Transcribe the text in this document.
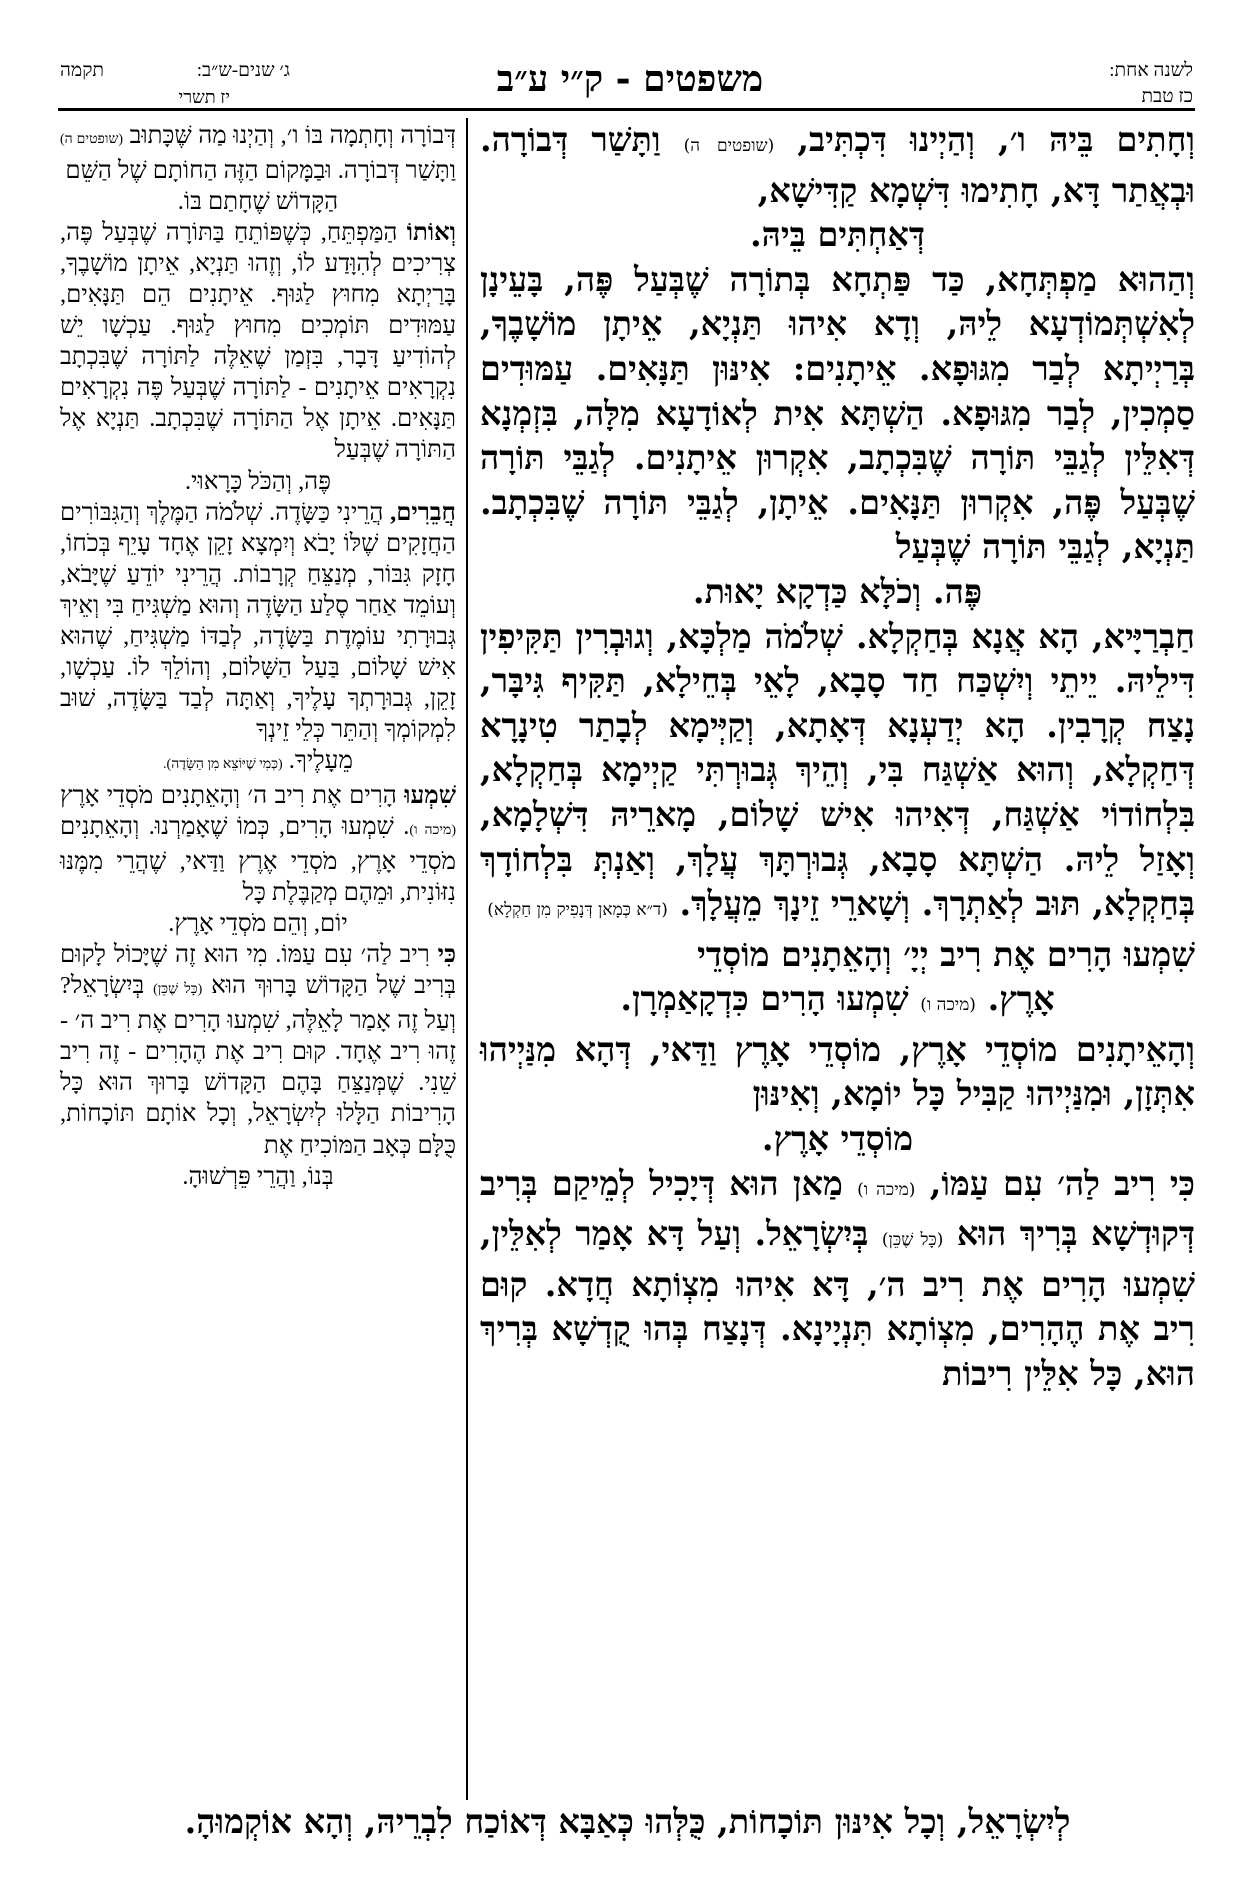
לשנה אחת:
כז טבת
משפטים - ק״י ע״ב
ג׳ שנים-ש״ב:
תקמה
יז תשרי

וְחָתִים בֵּיהּ ו׳, וְהַיְינוּ דִּכְתִּיב, (שופטים ה) וַתָּשַׁר דְּבוֹרָה. וּבְאֲתַר דָּא, חָתִימוּ דִּשְׁמָא קַדִּישָׁא,

דְּאַחְתִּים בֵּיהּ.

וְהַהוּא מַפְתְּחָא, כַּד פַּתְחָא בְּתוֹרָה שֶׁבְּעַל פֶּה, בָּעֵינָן לְאִשְׁתְּמוֹדְעָא לֵיהּ, וְדָא אִיהוּ תַּנְיָא, אֵיתָן מוֹשָׁבֶךָ, בְּרַיְיתָא לְבַר מִגּוּפָא. אֵיתָנִים: אִינּוּן תַּנָּאִים. עַמּוּדִים סַמְכִין, לְבַר מִגּוּפָא. הַשְׁתָּא אִית לְאוֹדָעָא מִלָּה, בִּזְמְנָא דְּאִלֵּין לְגַבֵּי תּוֹרָה שֶׁבִּכְתָב, אִקְרוּן אֵיתָנִים. לְגַבֵּי תּוֹרָה שֶׁבְּעַל פֶּה, אִקְרוּן תַּנָּאִים. אֵיתָן, לְגַבֵּי תּוֹרָה שֶׁבִּכְתָב. תַּנְיָא, לְגַבֵּי תּוֹרָה שֶׁבְּעַל

פֶּה. וְכֹלָּא כַּדְקָא יָאוּת.

חַבְרַיָּיא, הָא אֲנָא בְּחַקְלָא. שְׁלֹמֹה מַלְכָּא, וְגוּבְרִין תַּקִּיפִין דִּילֵיהּ. יֵיתֵי וְיִשְׁכַּח חַד סָבָא, לָאֵי בְּחֵילָא, תַּקִּיף גִּיבָּר, נָצַח קְרָבִין. הָא יְדַעְנָא דְּאָתָא, וְקַיְּימָא לְבָתַר טִינָרָא דְּחַקְלָא, וְהוּא אַשְׁגַּח בִּי, וְהֵיךְ גְּבוּרְתִּי קַיְימָא בְּחַקְלָא, בִּלְחוֹדוֹי אַשְׁגַּח, דְּאִיהוּ אִישׁ שָׁלוֹם, מָארֵיהּ דִּשְׁלָמָא, וְאָזַל לֵיהּ. הַשְׁתָּא סָבָא, גְּבוּרְתָּךְ עֲלָךְ, וְאַנְתְּ בִּלְחוֹדָךְ בְּחַקְלָא, תּוּב לְאַתְרָךְ. וְשָׁארֵי זֵינָךְ מֵעֲלָךְ. (ד״א כְּמָאן דְּנָפִיק מִן חַקְלָא)

שִׁמְעוּ הָרִים אֶת רִיב יְיָ׳ וְהָאֵתָנִים מוֹסְדֵי

אָרֶץ. (מיכה ו) שִׁמְעוּ הָרִים כִּדְקָאַמְרָן.

וְהָאֵיתָנִים מוֹסְדֵי אָרֶץ, מוֹסְדֵי אָרֶץ וַדַּאי, דְּהָא מִנַּיְיהוּ אִתְּזָן, וּמִנַּיְיהוּ קַבִּיל כָּל יוֹמָא, וְאִינּוּן

מוֹסְדֵי אָרֶץ.

כִּי רִיב לַה׳ עִם עַמּוֹ, (מיכה ו) מַאן הוּא דְּיָכִיל לְמֵיקַם בְּרִיב דְּקוּדְשָׁא בְּרִיךְ הוּא (כָּל שֶׁכֵּן) בְּיִשְׂרָאֵל. וְעַל דָּא אָמַר לְאִלֵּין, שִׁמְעוּ הָרִים אֶת רִיב ה׳, דָּא אִיהוּ מִצְוֹתָא חֲדָא. קוּם רִיב אֶת הֶהָרִים, מִצְוֹתָא תִּנְיָינָא. דְּנָצַח בְּהוּ קֻדְשָׁא בְּרִיךְ הוּא, כָּל אִלֵּין רִיבוֹת

דְּבוֹרָה וְחָתְמָה בּוֹ ו׳, וְהַיְנוּ מַה שֶּׁכָּתוּב (שופטים ה) וַתָּשַׁר דְּבוֹרָה. וּבַמָּקוֹם הַזֶּה הַחוֹתָם שֶׁל הַשֵּׁם

הַקָּדוֹשׁ שֶׁחָתַם בּוֹ.

וְאוֹתוֹ הַמַּפְתֵּחַ, כְּשֶׁפּוֹתֵחַ בַּתּוֹרָה שֶׁבְּעַל פֶּה, צְרִיכִים לְהִוָּדַע לוֹ, וְזֶהוּ תַּנְיָא, אֵיתָן מוֹשָׁבֶךָ, בָּרַיְתָא מִחוּץ לַגּוּף. אֵיתָנִים הֵם תַּנָּאִים, עַמּוּדִים תּוֹמְכִים מִחוּץ לַגּוּף. עַכְשָׁו יֵשׁ לְהוֹדִיעַ דָּבָר, בִּזְמַן שֶׁאֵלֶּה לַתּוֹרָה שֶׁבִּכְתָב נִקְרָאִים אֵיתָנִים - לַתּוֹרָה שֶׁבְּעַל פֶּה נִקְרָאִים תַּנָּאִים. אֵיתָן אֶל הַתּוֹרָה שֶׁבִּכְתָב. תַּנְיָא אֶל הַתּוֹרָה שֶׁבְּעַל

פֶּה, וְהַכֹּל כָּרָאוּי.

חֲבֵרִים, הֲרֵינִי כַּשָּׂדֶה. שְׁלֹמֹה הַמֶּלֶךְ וְהַגִּבּוֹרִים הַחֲזָקִים שֶׁלּוֹ יָבֹא וְיִמְצָא זָקֵן אֶחָד עָיֵף בְּכֹחוֹ, חָזָק גִּבּוֹר, מְנַצֵּחַ קְרָבוֹת. הֲרֵינִי יוֹדֵעַ שֶׁיָּבֹא, וְעוֹמֵד אַחַר סֶלַע הַשָּׂדֶה וְהוּא מַשְׁגִּיחַ בִּי וְאֵיךְ גְּבוּרָתִי עוֹמֶדֶת בַּשָּׂדֶה, לְבַדּוֹ מַשְׁגִּיחַ, שֶׁהוּא אִישׁ שָׁלוֹם, בַּעַל הַשָּׁלוֹם, וְהוֹלֵךְ לוֹ. עַכְשָׁו, זָקֵן, גְּבוּרָתְךָ עָלֶיךָ, וְאַתָּה לְבַד בַּשָּׂדֶה, שׁוּב לִמְקוֹמְךָ וְהַתֵּר כְּלֵי זֵינְךָ

מֵעָלֶיךָ. (כְּמִי שֶׁיּוֹצֵא מִן הַשָּׂדֶה).

שִׁמְעוּ הָרִים אֶת רִיב ה׳ וְהָאֵתָנִים מֹסְדֵי אָרֶץ (מיכה ו). שִׁמְעוּ הָרִים, כְּמוֹ שֶׁאָמַרְנוּ. וְהָאֵתָנִים מֹסְדֵי אָרֶץ, מֹסְדֵי אֶרֶץ וַדַּאי, שֶׁהֲרֵי מִמֶּנּוּ נִזּוֹנִית, וּמֵהֶם מְקַבֶּלֶת כָּל

יוֹם, וְהֵם מֹסְדֵי אָרֶץ.

כִּי רִיב לַה׳ עִם עַמּוֹ. מִי הוּא זֶה שֶׁיָּכוֹל לָקוּם בְּרִיב שֶׁל הַקָּדוֹשׁ בָּרוּךְ הוּא (כָּל שֶׁכֵּן) בְּיִשְׂרָאֵל? וְעַל זֶה אָמַר לָאֵלֶּה, שִׁמְעוּ הָרִים אֶת רִיב ה׳ - זֶהוּ רִיב אֶחָד. קוּם רִיב אֶת הֶהָרִים - זֶה רִיב שֵׁנִי. שֶׁמְּנַצֵּחַ בָּהֶם הַקָּדוֹשׁ בָּרוּךְ הוּא כָּל הָרִיבוֹת הַלָּלוּ לְיִשְׂרָאֵל, וְכָל אוֹתָם תּוֹכָחוֹת, כֻּלָּם כְּאָב הַמּוֹכִיחַ אֶת

בְּנוֹ, וַהֲרֵי פֵּרְשׁוּהָ.

לְיִשְׂרָאֵל, וְכָל אִינּוּן תּוֹכָחוֹת, כֻּלְּהוּ כְּאַבָּא דְּאוֹכַח לִבְרֵיהּ, וְהָא אוֹקְמוּהָ.
